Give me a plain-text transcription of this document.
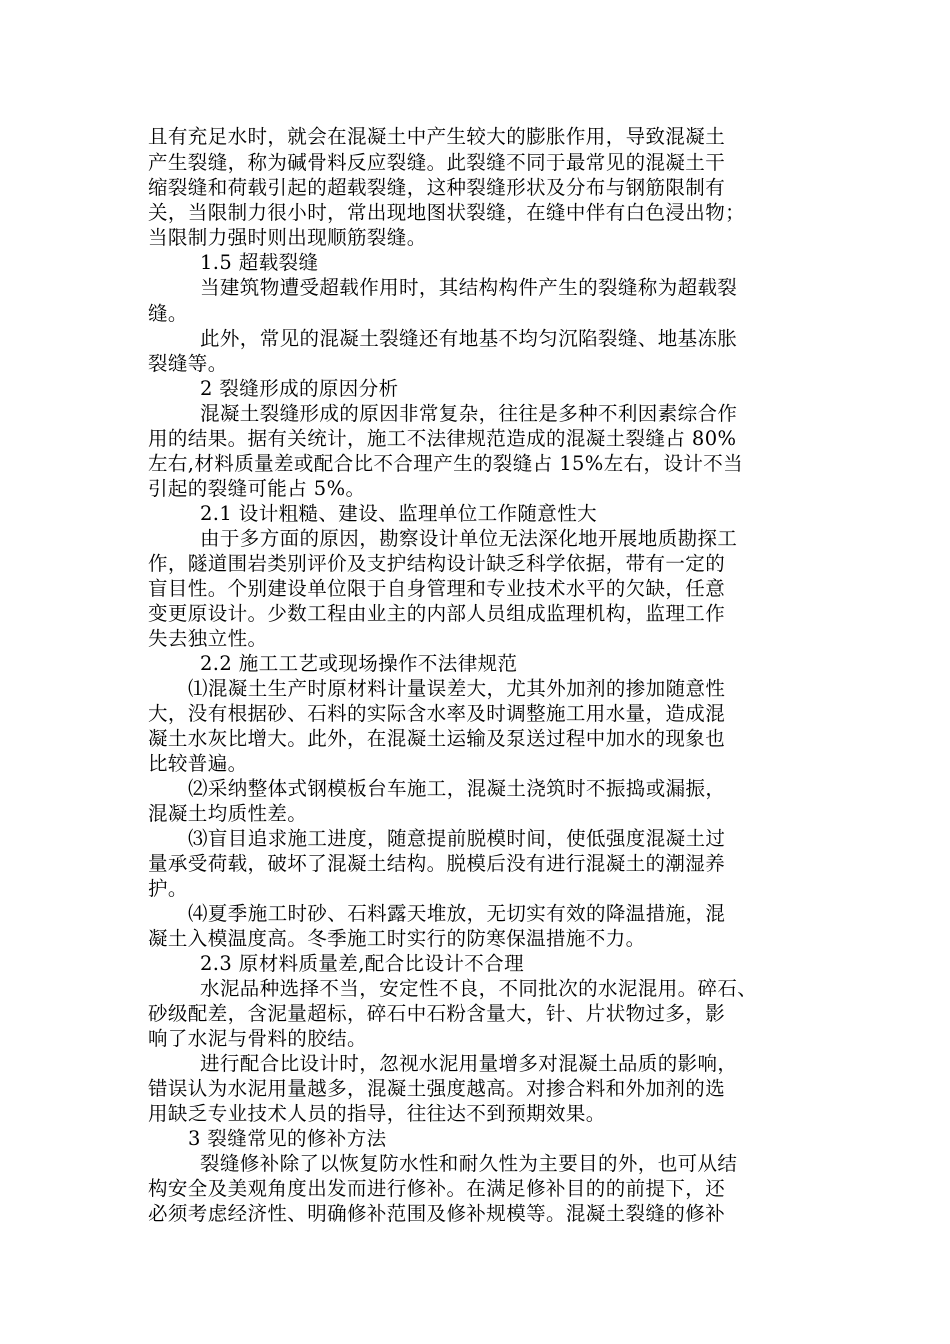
且有充足水时，就会在混凝土中产生较大的膨胀作用，导致混凝土
产生裂缝，称为碱骨料反应裂缝。此裂缝不同于最常见的混凝土干
缩裂缝和荷载引起的超载裂缝，这种裂缝形状及分布与钢筋限制有
关，当限制力很小时，常出现地图状裂缝，在缝中伴有白色浸出物；
当限制力强时则出现顺筋裂缝。
1.5 超载裂缝
当建筑物遭受超载作用时，其结构构件产生的裂缝称为超载裂
缝。
此外，常见的混凝土裂缝还有地基不均匀沉陷裂缝、地基冻胀
裂缝等。
2 裂缝形成的原因分析
混凝土裂缝形成的原因非常复杂，往往是多种不利因素综合作
用的结果。据有关统计，施工不法律规范造成的混凝土裂缝占 80%
左右,材料质量差或配合比不合理产生的裂缝占 15%左右，设计不当
引起的裂缝可能占 5%。
2.1 设计粗糙、建设、监理单位工作随意性大
由于多方面的原因，勘察设计单位无法深化地开展地质勘探工
作，隧道围岩类别评价及支护结构设计缺乏科学依据，带有一定的
盲目性。个别建设单位限于自身管理和专业技术水平的欠缺，任意
变更原设计。少数工程由业主的内部人员组成监理机构，监理工作
失去独立性。
2.2 施工工艺或现场操作不法律规范
⑴混凝土生产时原材料计量误差大，尤其外加剂的掺加随意性
大，没有根据砂、石料的实际含水率及时调整施工用水量，造成混
凝土水灰比增大。此外，在混凝土运输及泵送过程中加水的现象也
比较普遍。
⑵采纳整体式钢模板台车施工，混凝土浇筑时不振捣或漏振，
混凝土均质性差。
⑶盲目追求施工进度，随意提前脱模时间，使低强度混凝土过
量承受荷载，破坏了混凝土结构。脱模后没有进行混凝土的潮湿养
护。
⑷夏季施工时砂、石料露天堆放，无切实有效的降温措施，混
凝土入模温度高。冬季施工时实行的防寒保温措施不力。
2.3 原材料质量差,配合比设计不合理
水泥品种选择不当，安定性不良，不同批次的水泥混用。碎石、
砂级配差，含泥量超标，碎石中石粉含量大，针、片状物过多，影
响了水泥与骨料的胶结。
进行配合比设计时，忽视水泥用量增多对混凝土品质的影响，
错误认为水泥用量越多，混凝土强度越高。对掺合料和外加剂的选
用缺乏专业技术人员的指导，往往达不到预期效果。
3 裂缝常见的修补方法
裂缝修补除了以恢复防水性和耐久性为主要目的外，也可从结
构安全及美观角度出发而进行修补。在满足修补目的的前提下，还
必须考虑经济性、明确修补范围及修补规模等。混凝土裂缝的修补
